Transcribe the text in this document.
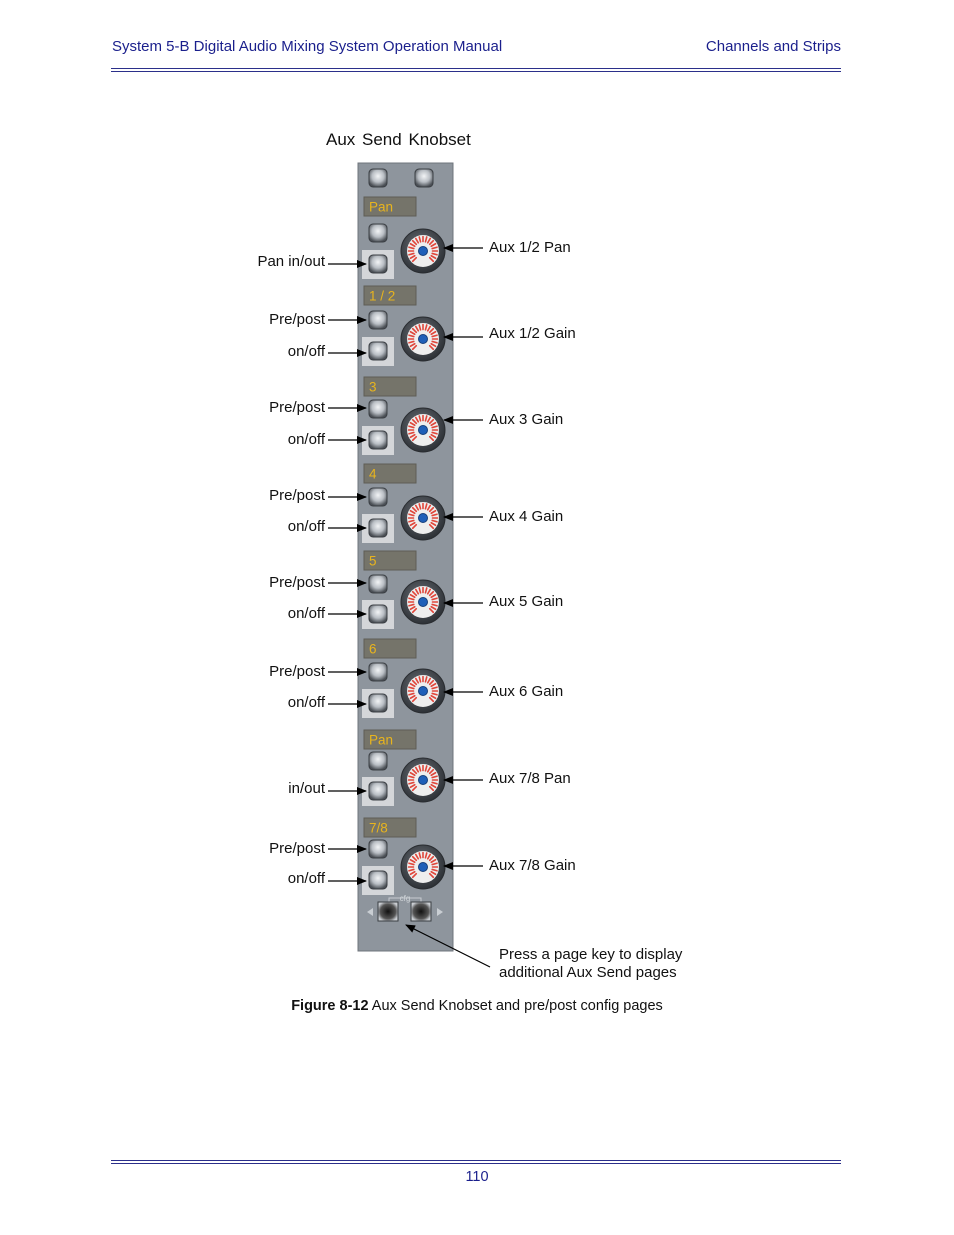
System 5-B Digital Audio Mixing System Operation Manual	Channels and Strips
Aux Send Knobset
Pan
1 / 2
3
4
5
6
Pan
7/8
cfg
Pan in/out
Pre/post
on/off
Pre/post
on/off
Pre/post
on/off
Pre/post
on/off
Pre/post
on/off
in/out
Pre/post
on/off
Aux 1/2 Pan
Aux 1/2 Gain
Aux 3 Gain
Aux 4 Gain
Aux 5 Gain
Aux 6 Gain
Aux 7/8 Pan
Aux 7/8 Gain
Press a page key to display
additional Aux Send pages
Figure 8-12 Aux Send Knobset and pre/post config pages
110
